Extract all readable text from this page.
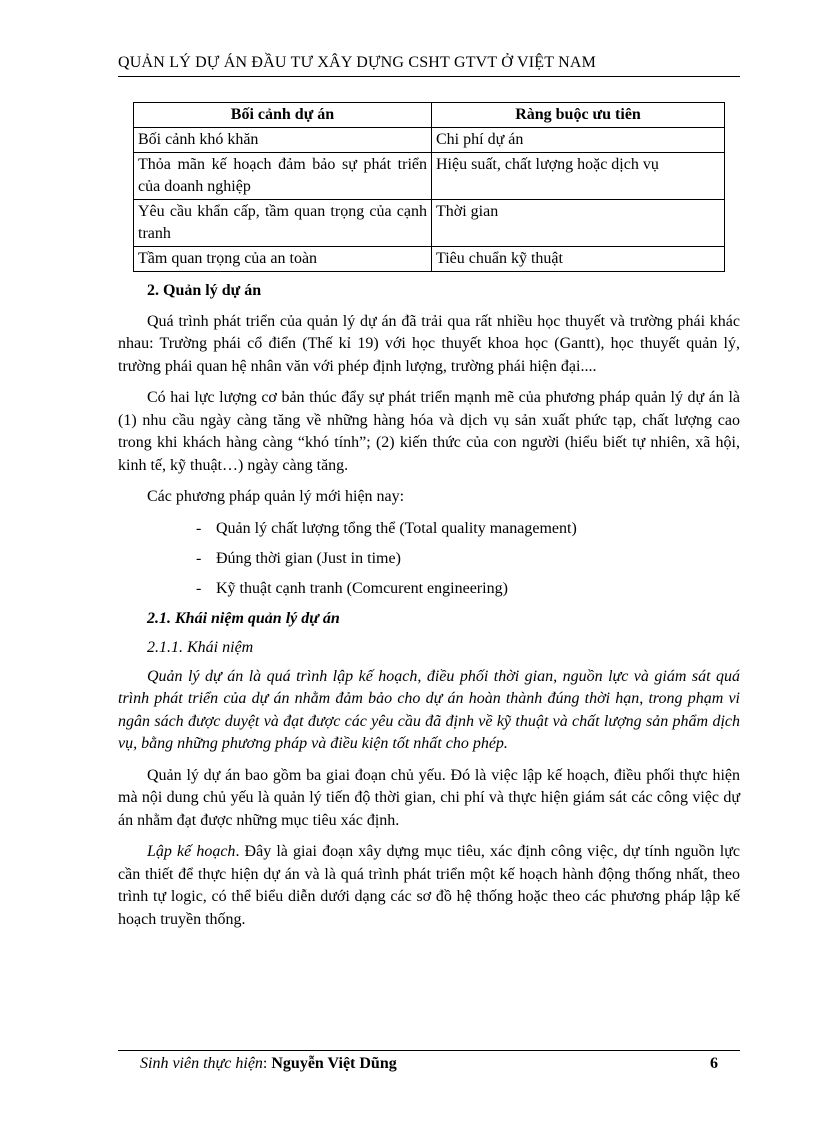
QUẢN LÝ DỰ ÁN ĐẦU TƯ XÂY DỰNG CSHT GTVT Ở VIỆT NAM
Bối cảnh dự án	Ràng buộc ưu tiên
Bối cảnh khó khăn	Chi phí dự án
Thỏa mãn kế hoạch đảm bảo sự phát triển của doanh nghiệp	Hiệu suất, chất lượng hoặc dịch vụ
Yêu cầu khẩn cấp, tầm quan trọng của cạnh tranh	Thời gian
Tầm quan trọng của an toàn	Tiêu chuẩn kỹ thuật
2. Quản lý dự án

Quá trình phát triển của quản lý dự án đã trải qua rất nhiều học thuyết và trường phái khác nhau: Trường phái cổ điển (Thế kỉ 19) với học thuyết khoa học (Gantt), học thuyết quản lý, trường phái quan hệ nhân văn với phép định lượng, trường phái hiện đại....

Có hai lực lượng cơ bản thúc đẩy sự phát triển mạnh mẽ của phương pháp quản lý dự án là (1) nhu cầu ngày càng tăng về những hàng hóa và dịch vụ sản xuất phức tạp, chất lượng cao trong khi khách hàng càng “khó tính”; (2) kiến thức của con người (hiểu biết tự nhiên, xã hội, kinh tế, kỹ thuật…) ngày càng tăng.

Các phương pháp quản lý mới hiện nay:

- Quản lý chất lượng tổng thể (Total quality management)
- Đúng thời gian (Just in time)
- Kỹ thuật cạnh tranh (Comcurent engineering)
2.1. Khái niệm quản lý dự án
2.1.1. Khái niệm

Quản lý dự án là quá trình lập kế hoạch, điều phối thời gian, nguồn lực và giám sát quá trình phát triển của dự án nhằm đảm bảo cho dự án hoàn thành đúng thời hạn, trong phạm vi ngân sách được duyệt và đạt được các yêu cầu đã định về kỹ thuật và chất lượng sản phẩm dịch vụ, bằng những phương pháp và điều kiện tốt nhất cho phép.

Quản lý dự án bao gồm ba giai đoạn chủ yếu. Đó là việc lập kế hoạch, điều phối thực hiện mà nội dung chủ yếu là quản lý tiến độ thời gian, chi phí và thực hiện giám sát các công việc dự án nhằm đạt được những mục tiêu xác định.

Lập kế hoạch. Đây là giai đoạn xây dựng mục tiêu, xác định công việc, dự tính nguồn lực cần thiết để thực hiện dự án và là quá trình phát triển một kế hoạch hành động thống nhất, theo trình tự logic, có thể biểu diễn dưới dạng các sơ đồ hệ thống hoặc theo các phương pháp lập kế hoạch truyền thống.

Sinh viên thực hiện: Nguyễn Việt Dũng	6
